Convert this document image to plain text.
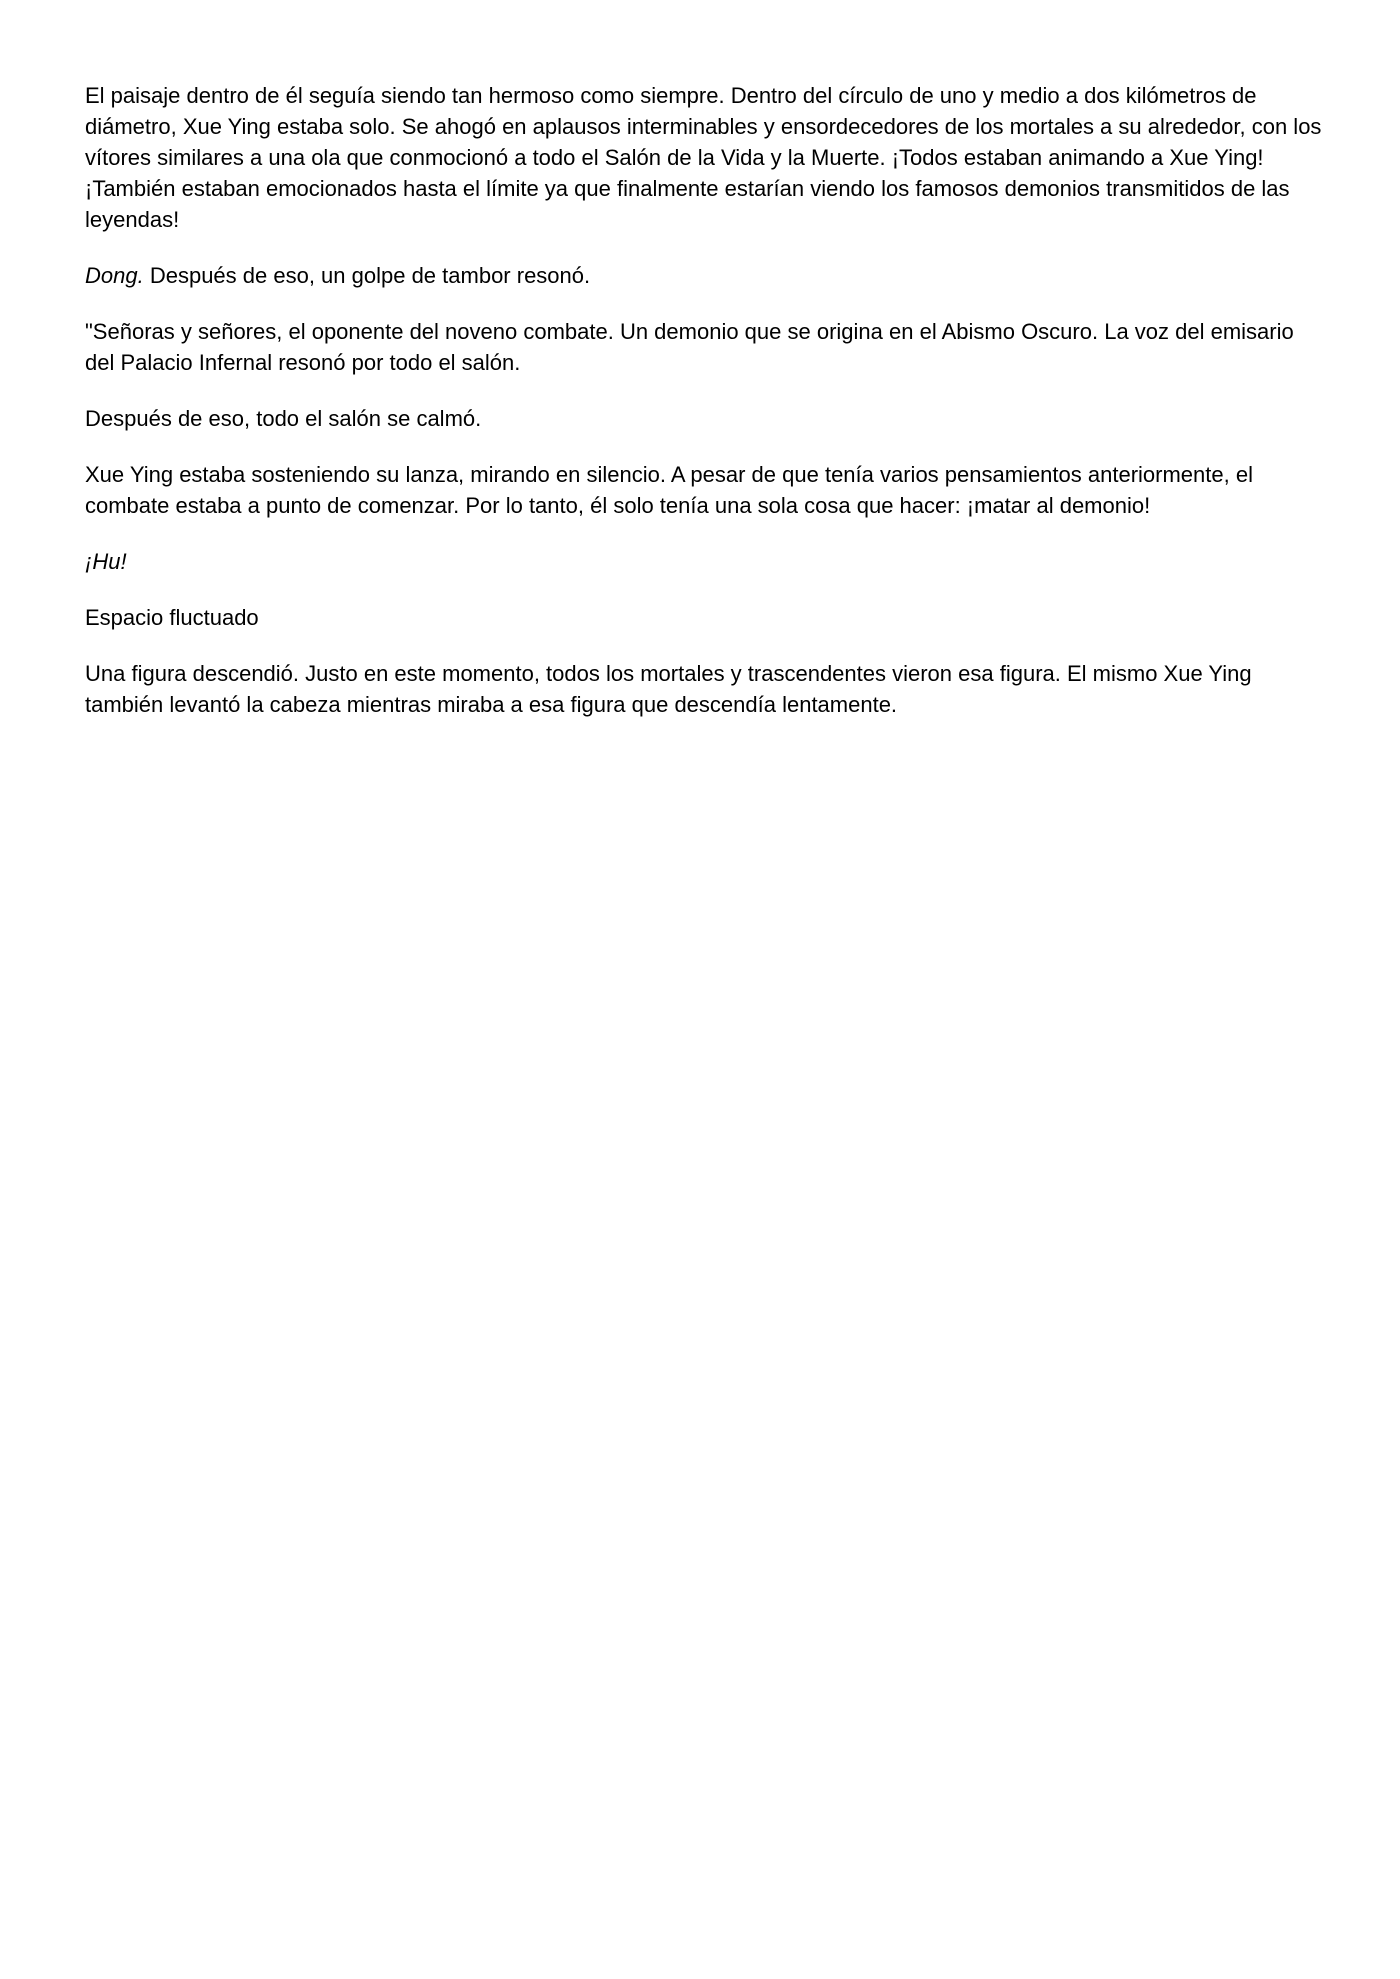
El paisaje dentro de él seguía siendo tan hermoso como siempre. Dentro del círculo de uno y medio a dos kilómetros de diámetro, Xue Ying estaba solo. Se ahogó en aplausos interminables y ensordecedores de los mortales a su alrededor, con los vítores similares a una ola que conmocionó a todo el Salón de la Vida y la Muerte. ¡Todos estaban animando a Xue Ying! ¡También estaban emocionados hasta el límite ya que finalmente estarían viendo los famosos demonios transmitidos de las leyendas!

Dong. Después de eso, un golpe de tambor resonó.

"Señoras y señores, el oponente del noveno combate. Un demonio que se origina en el Abismo Oscuro. La voz del emisario del Palacio Infernal resonó por todo el salón.

Después de eso, todo el salón se calmó.

Xue Ying estaba sosteniendo su lanza, mirando en silencio. A pesar de que tenía varios pensamientos anteriormente, el combate estaba a punto de comenzar. Por lo tanto, él solo tenía una sola cosa que hacer: ¡matar al demonio!

¡Hu!

Espacio fluctuado

Una figura descendió. Justo en este momento, todos los mortales y trascendentes vieron esa figura. El mismo Xue Ying también levantó la cabeza mientras miraba a esa figura que descendía lentamente.
